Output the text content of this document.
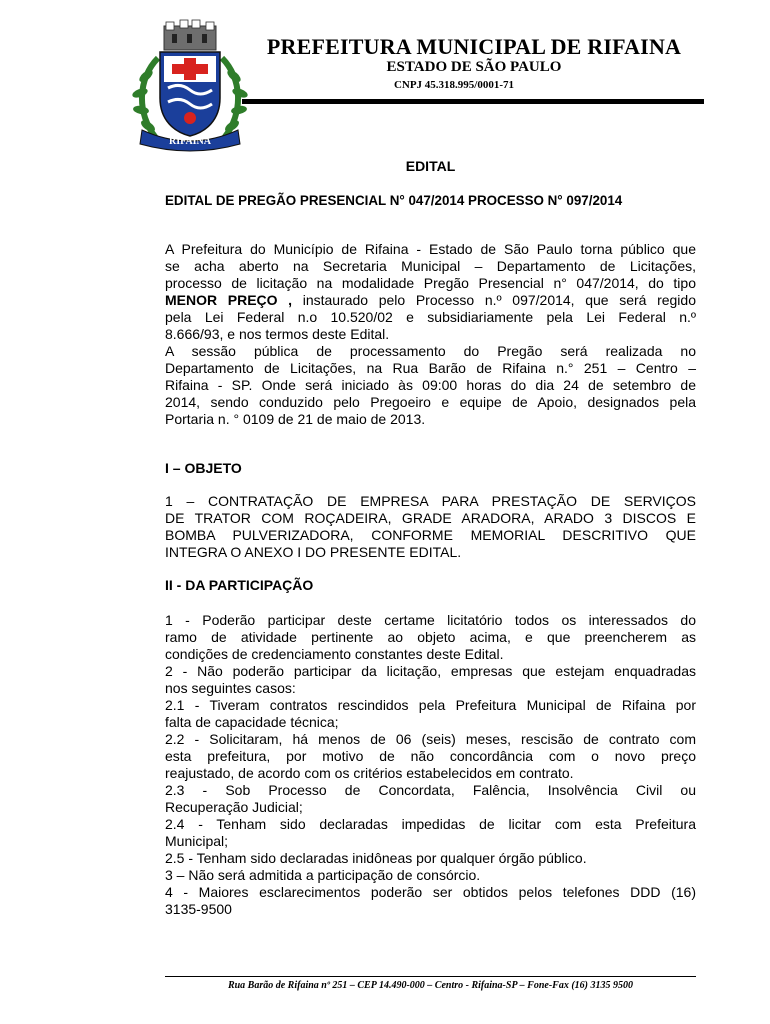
RIFAINA
PREFEITURA MUNICIPAL DE RIFAINA
ESTADO DE SÃO PAULO
CNPJ 45.318.995/0001-71
EDITAL
EDITAL DE PREGÃO PRESENCIAL N° 047/2014 PROCESSO N° 097/2014
A Prefeitura do Município de Rifaina - Estado de São Paulo torna público que
se acha aberto na Secretaria Municipal – Departamento de Licitações,
processo de licitação na modalidade Pregão Presencial n° 047/2014, do tipo
MENOR PREÇO , instaurado pelo Processo n.º 097/2014, que será regido
pela Lei Federal n.o 10.520/02 e subsidiariamente pela Lei Federal n.º
8.666/93, e nos termos deste Edital.
A sessão pública de processamento do Pregão será realizada no
Departamento de Licitações, na Rua Barão de Rifaina n.° 251 – Centro –
Rifaina - SP. Onde será iniciado às 09:00 horas do dia 24 de setembro de
2014, sendo conduzido pelo Pregoeiro e equipe de Apoio, designados pela
Portaria n. ° 0109 de 21 de maio de 2013.
I – OBJETO
1 – CONTRATAÇÃO DE EMPRESA PARA PRESTAÇÃO DE SERVIÇOS
DE TRATOR COM ROÇADEIRA, GRADE ARADORA, ARADO 3 DISCOS E
BOMBA PULVERIZADORA, CONFORME MEMORIAL DESCRITIVO QUE
INTEGRA O ANEXO I DO PRESENTE EDITAL.
II - DA PARTICIPAÇÃO
1 - Poderão participar deste certame licitatório todos os interessados do
ramo de atividade pertinente ao objeto acima, e que preencherem as
condições de credenciamento constantes deste Edital.
2 - Não poderão participar da licitação, empresas que estejam enquadradas
nos seguintes casos:
2.1 - Tiveram contratos rescindidos pela Prefeitura Municipal de Rifaina por
falta de capacidade técnica;
2.2 - Solicitaram, há menos de 06 (seis) meses, rescisão de contrato com
esta prefeitura, por motivo de não concordância com o novo preço
reajustado, de acordo com os critérios estabelecidos em contrato.
2.3 - Sob Processo de Concordata, Falência, Insolvência Civil ou
Recuperação Judicial;
2.4 - Tenham sido declaradas impedidas de licitar com esta Prefeitura
Municipal;
2.5 - Tenham sido declaradas inidôneas por qualquer órgão público.
3 – Não será admitida a participação de consórcio.
4 - Maiores esclarecimentos poderão ser obtidos pelos telefones DDD (16)
3135-9500
Rua Barão de Rifaina nº 251 – CEP 14.490-000 – Centro - Rifaina-SP – Fone-Fax (16) 3135 9500
